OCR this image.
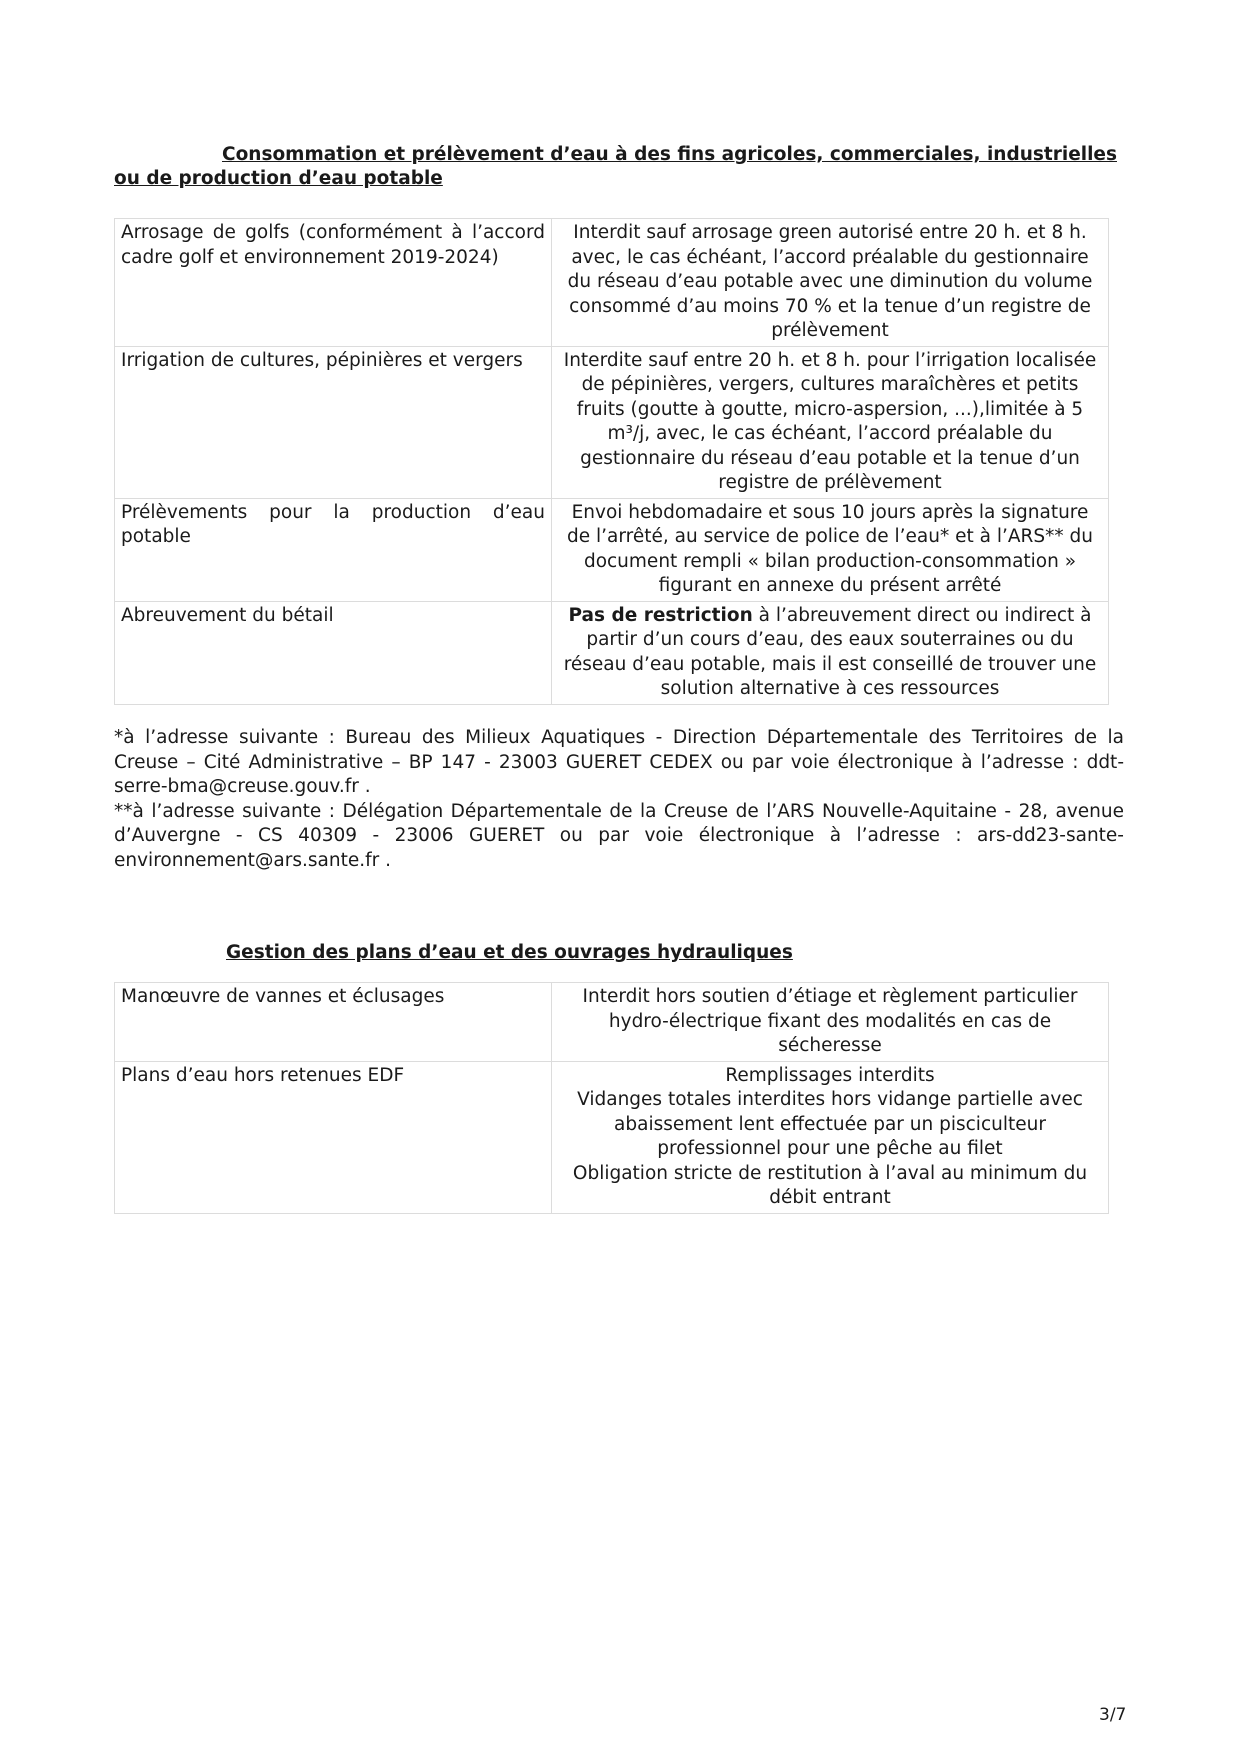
Consommation et prélèvement d’eau à des fins agricoles, commerciales, industrielles ou de production d’eau potable
Arrosage de golfs (conformément à l’accord cadre golf et environnement 2019-2024)	Interdit sauf arrosage green autorisé entre 20 h. et 8 h. avec, le cas échéant, l’accord préalable du gestionnaire du réseau d’eau potable avec une diminution du volume consommé d’au moins 70 % et la tenue d’un registre de prélèvement
Irrigation de cultures, pépinières et vergers	Interdite sauf entre 20 h. et 8 h. pour l’irrigation localisée de pépinières, vergers, cultures maraîchères et petits fruits (goutte à goutte, micro-aspersion, ...),limitée à 5 m³/j, avec, le cas échéant, l’accord préalable du gestionnaire du réseau d’eau potable et la tenue d’un registre de prélèvement
Prélèvements pour la production d’eau potable	Envoi hebdomadaire et sous 10 jours après la signature de l’arrêté, au service de police de l’eau* et à l’ARS** du document rempli « bilan production-consommation » figurant en annexe du présent arrêté
Abreuvement du bétail	Pas de restriction à l’abreuvement direct ou indirect à partir d’un cours d’eau, des eaux souterraines ou du réseau d’eau potable, mais il est conseillé de trouver une solution alternative à ces ressources

*à l’adresse suivante : Bureau des Milieux Aquatiques - Direction Départementale des Territoires de la Creuse – Cité Administrative – BP 147 - 23003 GUERET CEDEX ou par voie électronique à l’adresse : ddt-serre-bma@creuse.gouv.fr .

**à l’adresse suivante : Délégation Départementale de la Creuse de l’ARS Nouvelle-Aquitaine - 28, avenue d’Auvergne - CS 40309 - 23006 GUERET ou par voie électronique à l’adresse : ars-dd23-sante-environnement@ars.sante.fr .

Gestion des plans d’eau et des ouvrages hydrauliques
Manœuvre de vannes et éclusages	Interdit hors soutien d’étiage et règlement particulier hydro-électrique fixant des modalités en cas de sécheresse

Plans d’eau hors retenues EDF	Remplissages interdits
Vidanges totales interdites hors vidange partielle avec abaissement lent effectuée par un pisciculteur professionnel pour une pêche au filet
Obligation stricte de restitution à l’aval au minimum du débit entrant
3/7
